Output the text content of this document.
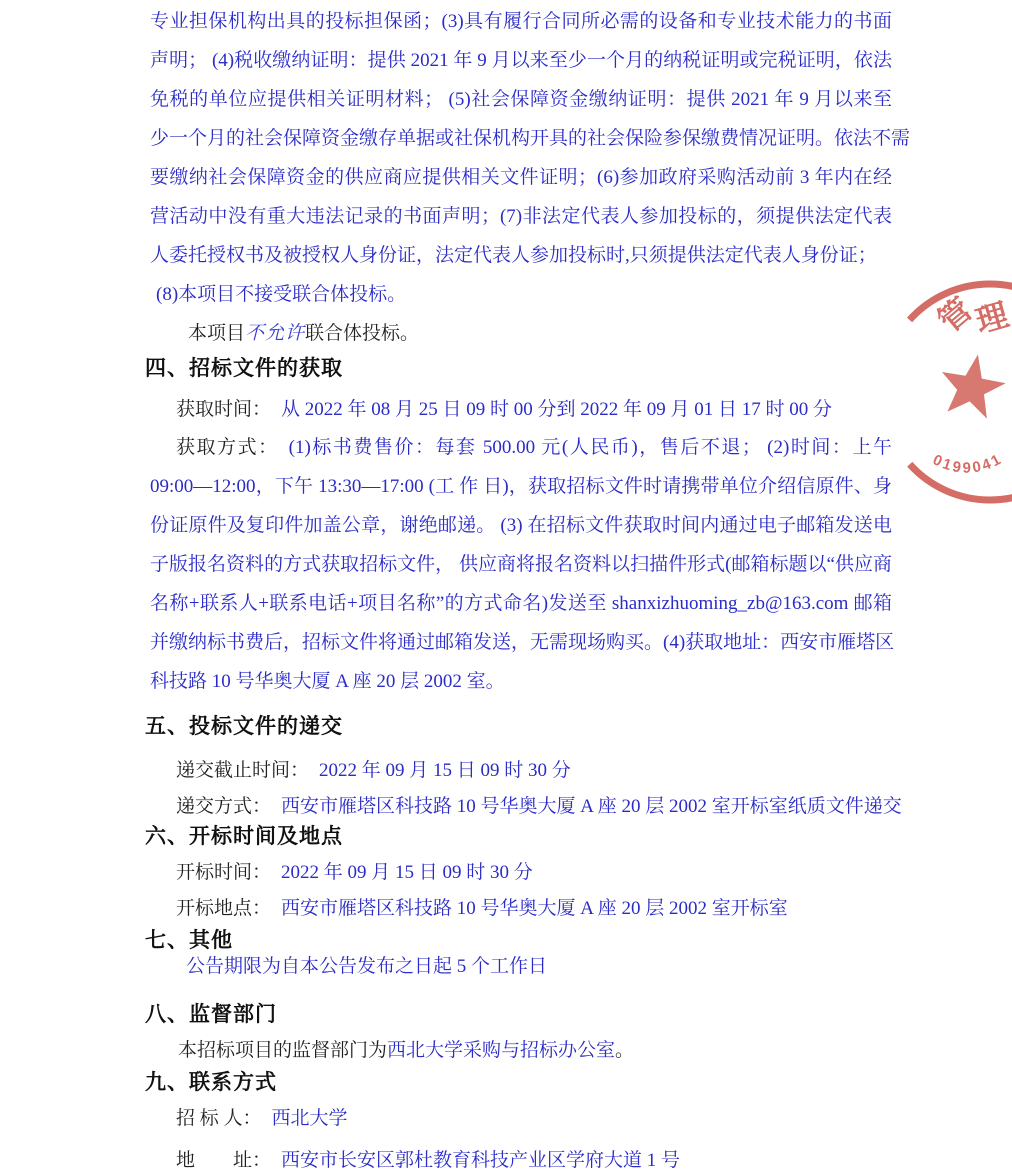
专业担保机构出具的投标担保函；(3)具有履行合同所必需的设备和专业技术能力的书面
声明； (4)税收缴纳证明：提供 2021 年 9 月以来至少一个月的纳税证明或完税证明，依法
免税的单位应提供相关证明材料； (5)社会保障资金缴纳证明：提供 2021 年 9 月以来至
少一个月的社会保障资金缴存单据或社保机构开具的社会保险参保缴费情况证明。依法不需
要缴纳社会保障资金的供应商应提供相关文件证明；(6)参加政府采购活动前 3 年内在经
营活动中没有重大违法记录的书面声明；(7)非法定代表人参加投标的，须提供法定代表
人委托授权书及被授权人身份证，法定代表人参加投标时,只须提供法定代表人身份证；
(8)本项目不接受联合体投标。
本项目不允许联合体投标。
四、招标文件的获取
获取时间： 从 2022 年 08 月 25 日 09 时 00 分到 2022 年 09 月 01 日 17 时 00 分
获取方式： (1)标书费售价：每套 500.00 元(人民币)，售后不退； (2)时间：上午
09:00—12:00，下午 13:30—17:00 (工 作 日)，获取招标文件时请携带单位介绍信原件、身
份证原件及复印件加盖公章，谢绝邮递。 (3) 在招标文件获取时间内通过电子邮箱发送电
子版报名资料的方式获取招标文件， 供应商将报名资料以扫描件形式(邮箱标题以“供应商
名称+联系人+联系电话+项目名称”的方式命名)发送至 shanxizhuoming_zb@163.com 邮箱
并缴纳标书费后，招标文件将通过邮箱发送，无需现场购买。(4)获取地址：西安市雁塔区
科技路 10 号华奥大厦 A 座 20 层 2002 室。
五、投标文件的递交
递交截止时间： 2022 年 09 月 15 日 09 时 30 分
递交方式： 西安市雁塔区科技路 10 号华奥大厦 A 座 20 层 2002 室开标室纸质文件递交
六、开标时间及地点
开标时间： 2022 年 09 月 15 日 09 时 30 分
开标地点： 西安市雁塔区科技路 10 号华奥大厦 A 座 20 层 2002 室开标室
七、其他
公告期限为自本公告发布之日起 5 个工作日
八、监督部门
本招标项目的监督部门为西北大学采购与招标办公室。
九、联系方式
招 标 人： 西北大学
地　　址： 西安市长安区郭杜教育科技产业区学府大道 1 号
管
理
0199041
